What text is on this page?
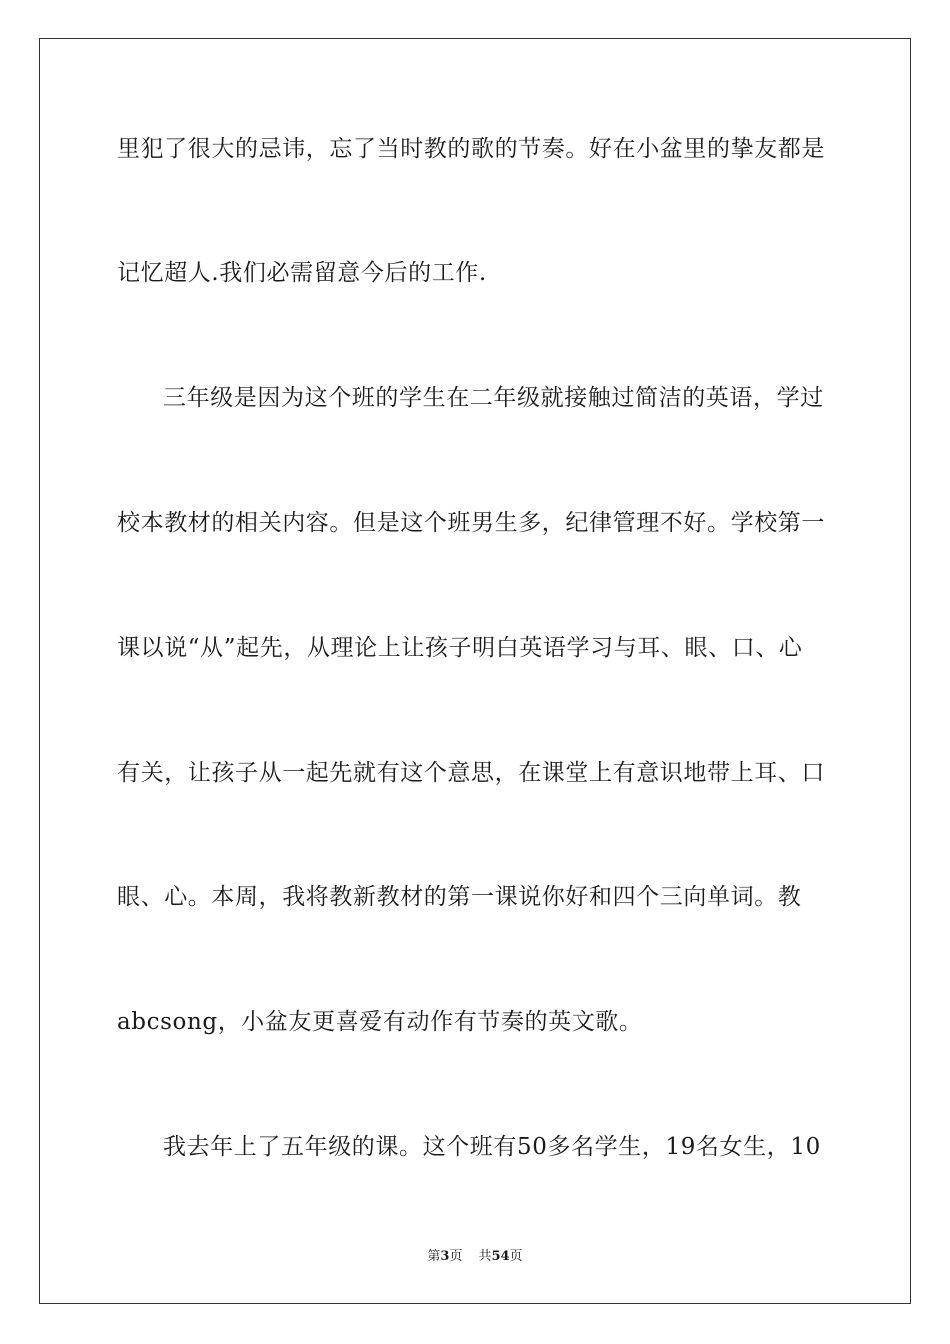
里犯了很大的忌讳，忘了当时教的歌的节奏。好在小盆里的挚友都是
记忆超人.我们必需留意今后的工作.
三年级是因为这个班的学生在二年级就接触过简洁的英语，学过
校本教材的相关内容。但是这个班男生多，纪律管理不好。学校第一
课以说“从”起先，从理论上让孩子明白英语学习与耳、眼、口、心
有关，让孩子从一起先就有这个意思，在课堂上有意识地带上耳、口
眼、心。本周，我将教新教材的第一课说你好和四个三向单词。教
abcsong，小盆友更喜爱有动作有节奏的英文歌。
我去年上了五年级的课。这个班有50多名学生，19名女生，10
第3页 共54页
